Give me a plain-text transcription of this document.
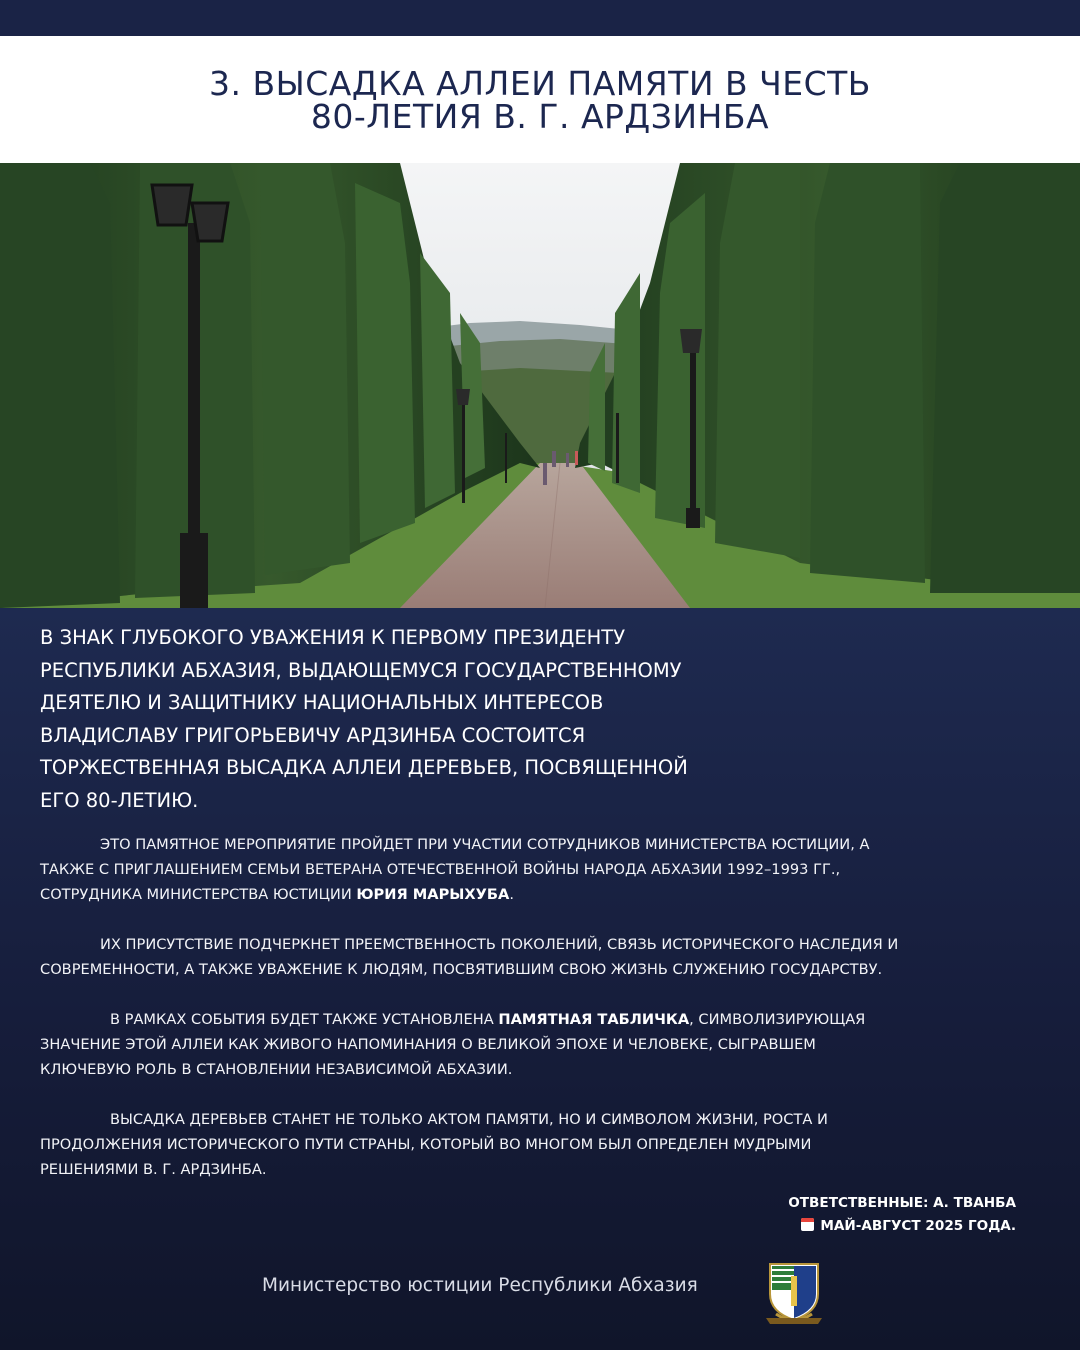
3. ВЫСАДКА АЛЛЕИ ПАМЯТИ В ЧЕСТЬ
80-ЛЕТИЯ В. Г. АРДЗИНБА
В ЗНАК ГЛУБОКОГО УВАЖЕНИЯ К ПЕРВОМУ ПРЕЗИДЕНТУ
РЕСПУБЛИКИ АБХАЗИЯ, ВЫДАЮЩЕМУСЯ ГОСУДАРСТВЕННОМУ
ДЕЯТЕЛЮ И ЗАЩИТНИКУ НАЦИОНАЛЬНЫХ ИНТЕРЕСОВ
ВЛАДИСЛАВУ ГРИГОРЬЕВИЧУ АРДЗИНБА СОСТОИТСЯ
ТОРЖЕСТВЕННАЯ ВЫСАДКА АЛЛЕИ ДЕРЕВЬЕВ, ПОСВЯЩЕННОЙ
ЕГО 80-ЛЕТИЮ.
ЭТО ПАМЯТНОЕ МЕРОПРИЯТИЕ ПРОЙДЕТ ПРИ УЧАСТИИ СОТРУДНИКОВ МИНИСТЕРСТВА ЮСТИЦИИ, А
ТАКЖЕ С ПРИГЛАШЕНИЕМ СЕМЬИ ВЕТЕРАНА ОТЕЧЕСТВЕННОЙ ВОЙНЫ НАРОДА АБХАЗИИ 1992–1993 ГГ.,
СОТРУДНИКА МИНИСТЕРСТВА ЮСТИЦИИ ЮРИЯ МАРЫХУБА.
ИХ ПРИСУТСТВИЕ ПОДЧЕРКНЕТ ПРЕЕМСТВЕННОСТЬ ПОКОЛЕНИЙ, СВЯЗЬ ИСТОРИЧЕСКОГО НАСЛЕДИЯ И
СОВРЕМЕННОСТИ, А ТАКЖЕ УВАЖЕНИЕ К ЛЮДЯМ, ПОСВЯТИВШИМ СВОЮ ЖИЗНЬ СЛУЖЕНИЮ ГОСУДАРСТВУ.
В РАМКАХ СОБЫТИЯ БУДЕТ ТАКЖЕ УСТАНОВЛЕНА ПАМЯТНАЯ ТАБЛИЧКА, СИМВОЛИЗИРУЮЩАЯ
ЗНАЧЕНИЕ ЭТОЙ АЛЛЕИ КАК ЖИВОГО НАПОМИНАНИЯ О ВЕЛИКОЙ ЭПОХЕ И ЧЕЛОВЕКЕ, СЫГРАВШЕМ
КЛЮЧЕВУЮ РОЛЬ В СТАНОВЛЕНИИ НЕЗАВИСИМОЙ АБХАЗИИ.
ВЫСАДКА ДЕРЕВЬЕВ СТАНЕТ НЕ ТОЛЬКО АКТОМ ПАМЯТИ, НО И СИМВОЛОМ ЖИЗНИ, РОСТА И
ПРОДОЛЖЕНИЯ ИСТОРИЧЕСКОГО ПУТИ СТРАНЫ, КОТОРЫЙ ВО МНОГОМ БЫЛ ОПРЕДЕЛЕН МУДРЫМИ
РЕШЕНИЯМИ В. Г. АРДЗИНБА.
ОТВЕТСТВЕННЫЕ: А. ТВАНБА
МАЙ-АВГУСТ 2025 ГОДА.
Министерство юстиции Республики Абхазия
